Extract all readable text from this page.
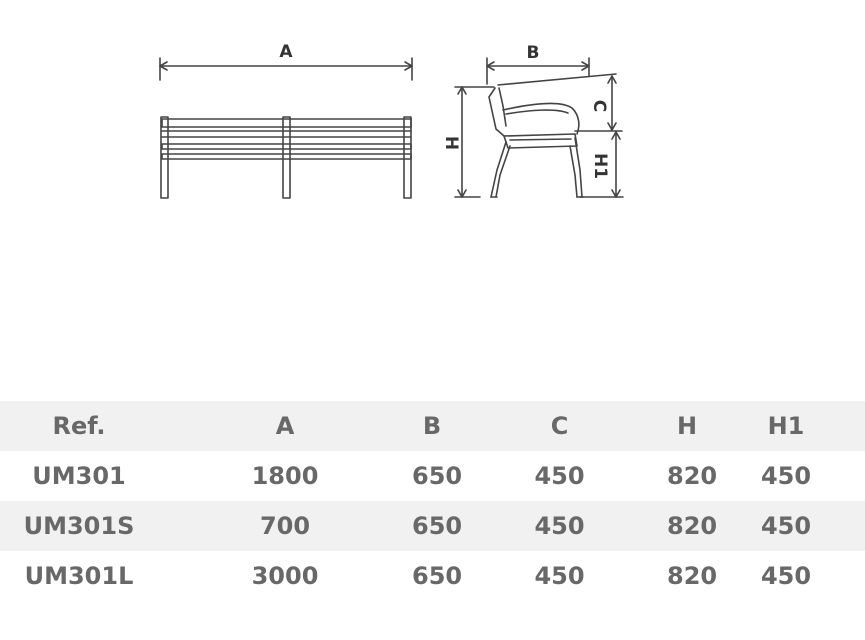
A	B
H
C
H1
Ref.	A	B	C	H	H1
UM301	1800	650	450	820	450
UM301S	700	650	450	820	450
UM301L	3000	650	450	820	450
